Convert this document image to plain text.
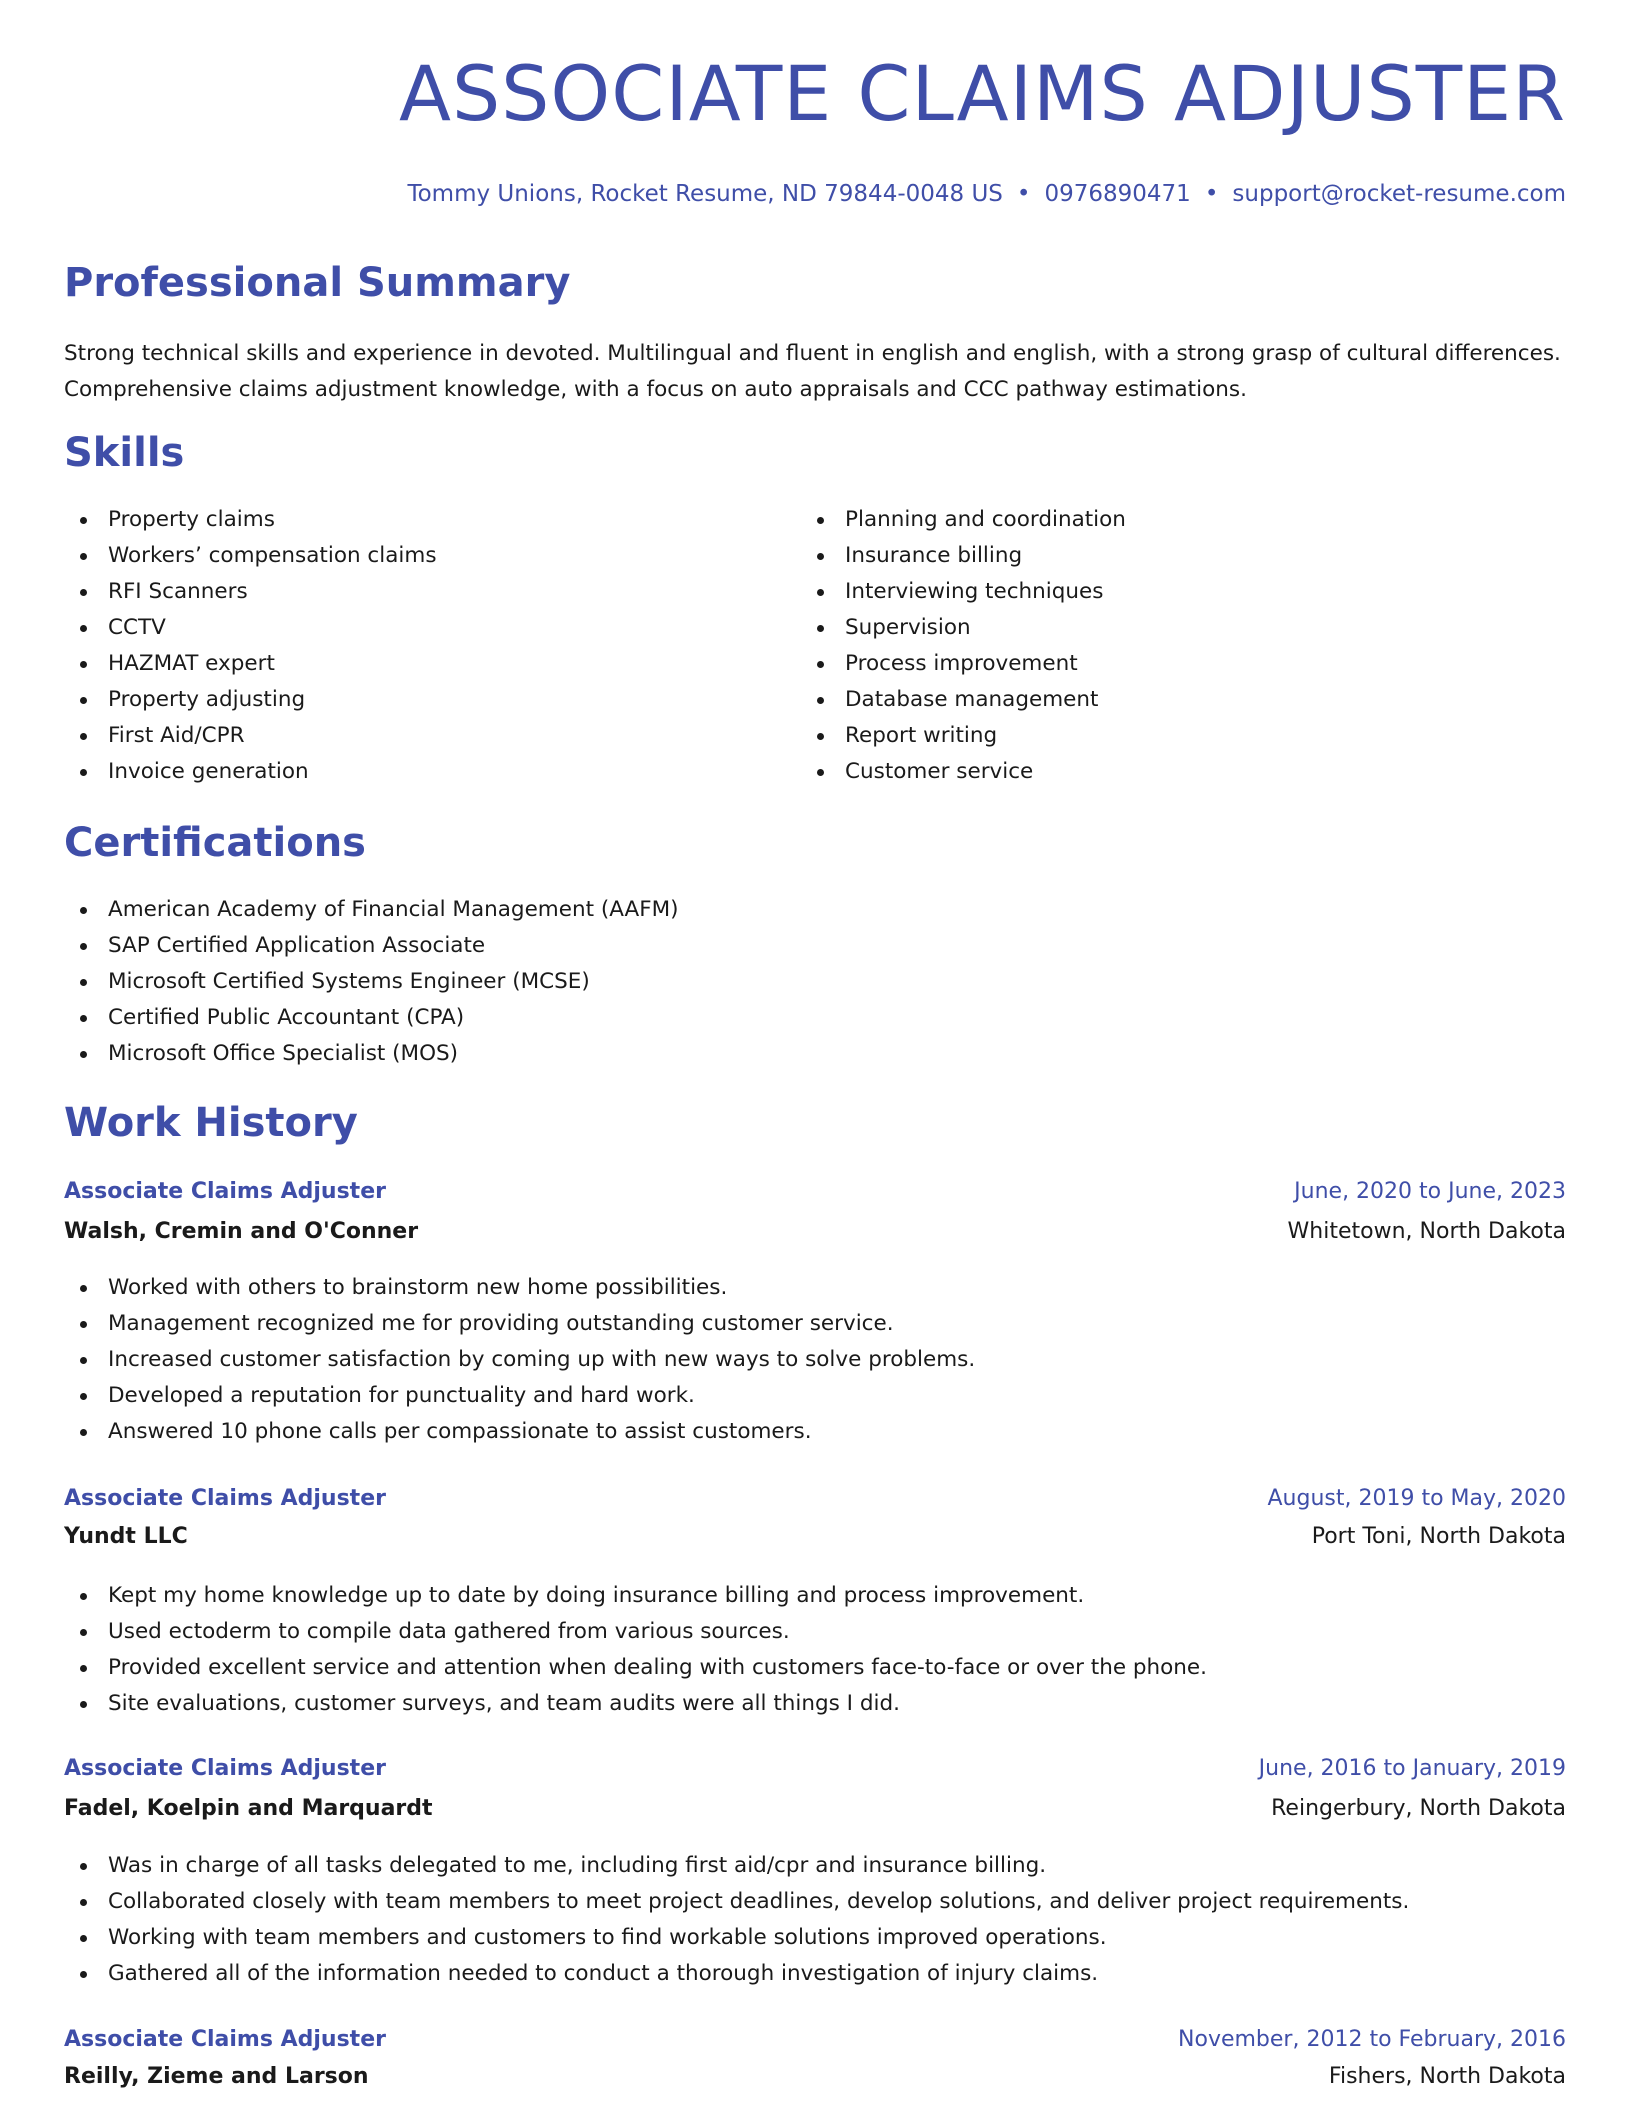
ASSOCIATE CLAIMS ADJUSTER
Tommy Unions, Rocket Resume, ND 79844-0048 US • 0976890471 • support@rocket-resume.com
Professional Summary

Strong technical skills and experience in devoted. Multilingual and fluent in english and english, with a strong grasp of cultural differences. Comprehensive claims adjustment knowledge, with a focus on auto appraisals and CCC pathway estimations.

Skills
Property claims
Workers’ compensation claims
RFI Scanners
CCTV
HAZMAT expert
Property adjusting
First Aid/CPR
Invoice generation
Planning and coordination
Insurance billing
Interviewing techniques
Supervision
Process improvement
Database management
Report writing
Customer service
Certifications
American Academy of Financial Management (AAFM)
SAP Certified Application Associate
Microsoft Certified Systems Engineer (MCSE)
Certified Public Accountant (CPA)
Microsoft Office Specialist (MOS)
Work History
Associate Claims Adjuster	June, 2020 to June, 2023
Walsh, Cremin and O'Conner	Whitetown, North Dakota
Worked with others to brainstorm new home possibilities.
Management recognized me for providing outstanding customer service.
Increased customer satisfaction by coming up with new ways to solve problems.
Developed a reputation for punctuality and hard work.
Answered 10 phone calls per compassionate to assist customers.
Associate Claims Adjuster	August, 2019 to May, 2020
Yundt LLC	Port Toni, North Dakota
Kept my home knowledge up to date by doing insurance billing and process improvement.
Used ectoderm to compile data gathered from various sources.
Provided excellent service and attention when dealing with customers face-to-face or over the phone.
Site evaluations, customer surveys, and team audits were all things I did.
Associate Claims Adjuster	June, 2016 to January, 2019
Fadel, Koelpin and Marquardt	Reingerbury, North Dakota
Was in charge of all tasks delegated to me, including first aid/cpr and insurance billing.
Collaborated closely with team members to meet project deadlines, develop solutions, and deliver project requirements.
Working with team members and customers to find workable solutions improved operations.
Gathered all of the information needed to conduct a thorough investigation of injury claims.
Associate Claims Adjuster	November, 2012 to February, 2016
Reilly, Zieme and Larson	Fishers, North Dakota
